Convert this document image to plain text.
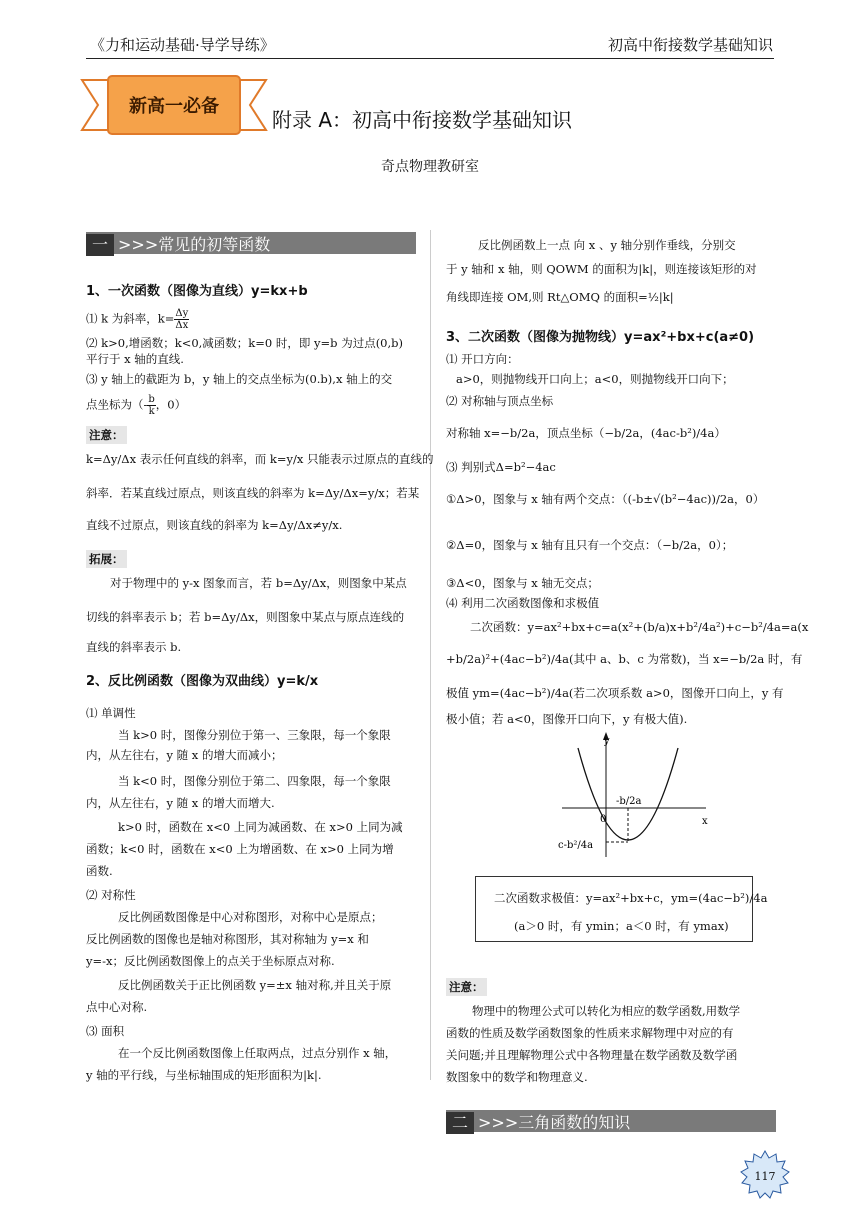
《力和运动基础·导学导练》	初高中衔接数学基础知识
新高一必备
附录 A：初高中衔接数学基础知识
奇点物理教研室
一 >>>常见的初等函数
1、一次函数（图像为直线）y=kx+b
⑴ k 为斜率，$k= \frac{\Delta y}{\Delta x}$
⑵ k>0,增函数；k<0,减函数；k=0 时，即 y=b 为过点(0,b)
平行于 x 轴的直线.
⑶ y 轴上的截距为 b，y 轴上的交点坐标为(0.b),x 轴上的交
点坐标为（- $\frac{b}{k}$ ，0）
注意：
k=Δy/Δx 表示任何直线的斜率，而 k=y/x 只能表示过原点的直线的
斜率．若某直线过原点，则该直线的斜率为 k=Δy/Δx=y/x；若某
直线不过原点，则该直线的斜率为 k=Δy/Δx≠y/x.
拓展：
对于物理中的 y-x 图象而言，若 b=Δy/Δx，则图象中某点
切线的斜率表示 b；若 b=Δy/Δx，则图象中某点与原点连线的
直线的斜率表示 b.
2、反比例函数（图像为双曲线）y=k/x
⑴ 单调性
当 k>0 时，图像分别位于第一、三象限，每一个象限
内，从左往右，y 随 x 的增大而减小；
当 k<0 时，图像分别位于第二、四象限，每一个象限
内，从左往右，y 随 x 的增大而增大.
k>0 时，函数在 x<0 上同为减函数、在 x>0 上同为减
函数；k<0 时，函数在 x<0 上为增函数、在 x>0 上同为增
函数.
⑵ 对称性
反比例函数图像是中心对称图形，对称中心是原点；
反比例函数的图像也是轴对称图形，其对称轴为 y=x 和
y=-x；反比例函数图像上的点关于坐标原点对称.
反比例函数关于正比例函数 y=±x 轴对称,并且关于原
点中心对称.
⑶ 面积
在一个反比例函数图像上任取两点，过点分别作 x 轴，
y 轴的平行线，与坐标轴围成的矩形面积为|k|.
反比例函数上一点 向 x 、y 轴分别作垂线，分别交
于 y 轴和 x 轴，则 QOWM 的面积为|k|，则连接该矩形的对
角线即连接 OM,则 Rt△OMQ 的面积=½|k|
3、二次函数（图像为抛物线）y=ax²+bx+c(a≠0)
⑴ 开口方向：
a>0，则抛物线开口向上；a<0，则抛物线开口向下；
⑵ 对称轴与顶点坐标
对称轴 x=−b/2a，顶点坐标（−b/2a，(4ac-b²)/4a）
⑶ 判别式Δ=b²−4ac
①Δ>0，图象与 x 轴有两个交点：（(-b±√(b²−4ac))/2a，0）
②Δ=0，图象与 x 轴有且只有一个交点：（−b/2a，0）；
③Δ<0，图象与 x 轴无交点；
⑷ 利用二次函数图像和求极值
二次函数：y=ax²+bx+c=a(x²+(b/a)x+b²/4a²)+c−b²/4a=a(x
+b/2a)²+(4ac−b²)/4a(其中 a、b、c 为常数)，当 x=−b/2a 时，有
极值 ym=(4ac−b²)/4a(若二次项系数 a>0，图像开口向上，y 有
极小值；若 a<0，图像开口向下，y 有极大值).
y
x
0
-b/2a
c-b²/4a
二次函数求极值：y=ax²+bx+c，ym=(4ac−b²)/4a
(a＞0 时，有 ymin；a＜0 时，有 ymax)
注意：
物理中的物理公式可以转化为相应的数学函数,用数学
函数的性质及数学函数图象的性质来求解物理中对应的有
关问题;并且理解物理公式中各物理量在数学函数及数学函
数图象中的数学和物理意义.
二 >>>三角函数的知识
117
